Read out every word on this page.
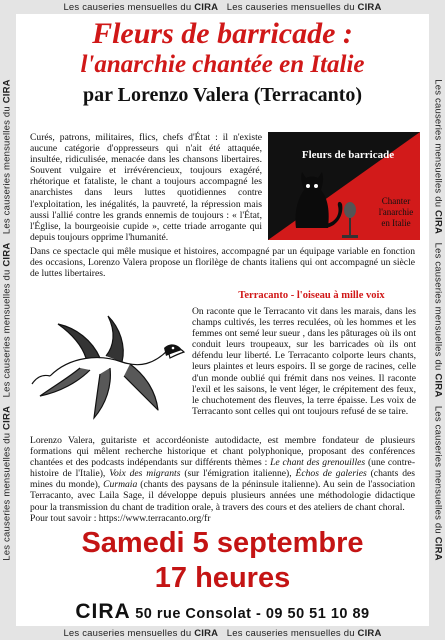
Les causeries mensuelles du CIRA Les causeries mensuelles du CIRA
Les causeries mensuelles du CIRA Les causeries mensuelles du CIRA
Les causeries mensuelles du CIRA   Les causeries mensuelles du CIRA   Les causeries mensuelles du CIRA	Les causeries mensuelles du CIRA   Les causeries mensuelles du CIRA   Les causeries mensuelles du CIRA
Fleurs de barricade :
l'anarchie chantée en Italie
par Lorenzo Valera (Terracanto)

Curés, patrons, militaires, flics, chefs d'État : il n'existe aucune catégorie d'oppresseurs qui n'ait été attaquée, insultée, ridiculisée, menacée dans les chansons libertaires. Souvent vulgaire et irrévérencieux, toujours exagéré, rhétorique et fataliste, le chant a toujours accompagné les anarchistes dans leurs luttes quotidiennes contre l'exploitation, les inégalités, la pauvreté, la répression mais aussi l'allié contre les grands ennemis de toujours : « l'État, l'Église, la bourgeoisie cupide », cette triade arrogante qui depuis toujours opprime l'humanité.

Fleurs de barricade
Chanter
l'anarchie
en Italie

Dans ce spectacle qui mêle musique et histoires, accompagné par un équipage variable en fonction des occasions, Lorenzo Valera propose un florilège de chants italiens qui ont accompagné un siècle de luttes libertaires.

Terracanto - l'oiseau à mille voix

On raconte que le Terracanto vit dans les marais, dans les champs cultivés, les terres reculées, où les hommes et les femmes ont semé leur sueur , dans les pâturages où ils ont conduit leurs troupeaux, sur les barricades où ils ont défendu leur liberté. Le Terracanto colporte leurs chants, leurs plaintes et leurs espoirs. Il se gorge de racines, celle d'un monde oublié qui frémit dans nos veines. Il raconte l'exil et les saisons, le vent léger, le crépitement des feux, le chuchotement des fleuves, la terre épaisse. Les voix de Terracanto sont celles qui ont toujours refusé de se taire.

Lorenzo Valera, guitariste et accordéoniste autodidacte, est membre fondateur de plusieurs formations qui mêlent recherche historique et chant polyphonique, proposant des conférences chantées et des podcasts indépendants sur différents thèmes : Le chant des grenouilles (une contre-histoire de l'Italie), Voix des migrants (sur l'émigration italienne), Échos de galeries (chants des mines du monde), Curmaia (chants des paysans de la péninsule italienne). Au sein de l'association Terracanto, avec Laila Sage, il développe depuis plusieurs années une méthodologie didactique pour la transmission du chant de tradition orale, à travers des cours et des ateliers de chant choral.
Pour tout savoir : https://www.terracanto.org/fr

Samedi 5 septembre
17 heures
CIRA 50 rue Consolat - 09 50 51 10 89
